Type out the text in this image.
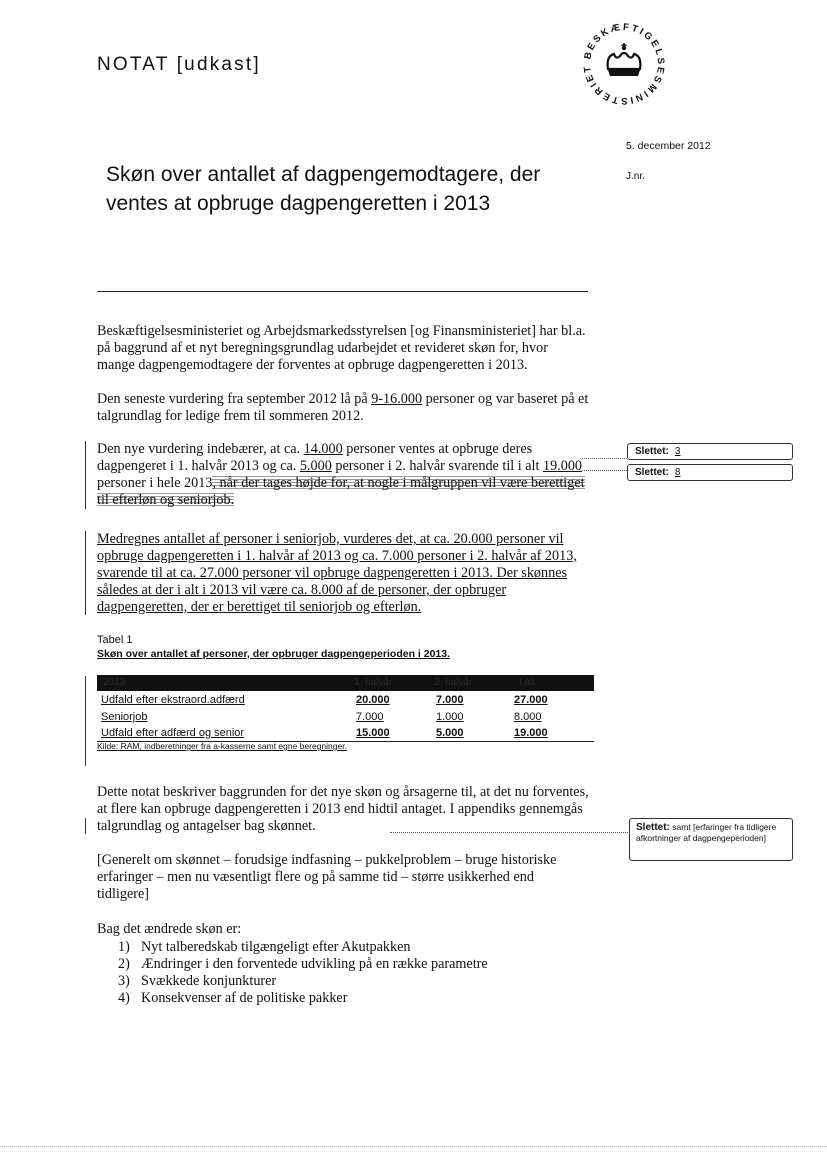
NOTAT [udkast]	BESKÆFTIGELSESMINISTERIET
5. december 2012
J.nr.
Skøn over antallet af dagpengemodtagere, der ventes at opbruge dagpengeretten i 2013
Beskæftigelsesministeriet og Arbejdsmarkedsstyrelsen [og Finansministeriet] har bl.a. på baggrund af et nyt beregningsgrundlag udarbejdet et revideret skøn for, hvor mange dagpengemodtagere der forventes at opbruge dagpengeretten i 2013.
Den seneste vurdering fra september 2012 lå på 9-16.000 personer og var baseret på et talgrundlag for ledige frem til sommeren 2012.
Den nye vurdering indebærer, at ca. 14.000 personer ventes at opbruge deres dagpengeret i 1. halvår 2013 og ca. 5.000 personer i 2. halvår svarende til i alt 19.000 personer i hele 2013, når der tages højde for, at nogle i målgruppen vil være berettiget til efterløn og seniorjob.
Medregnes antallet af personer i seniorjob, vurderes det, at ca. 20.000 personer vil opbruge dagpengeretten i 1. halvår af 2013 og ca. 7.000 personer i 2. halvår af 2013, svarende til at ca. 27.000 personer vil opbruge dagpengeretten i 2013. Der skønnes således at der i alt i 2013 vil være ca. 8.000 af de personer, der opbruger dagpengeretten, der er berettiget til seniorjob og efterløn.
Slettet: 3
Slettet: 8
Tabel 1
Skøn over antallet af personer, der opbruger dagpengeperioden i 2013.
2013	1. halvår	2. halvår	I alt
Udfald efter ekstraord.adfærd	20.000	7.000	27.000
Seniorjob	7.000	1.000	8.000
Udfald efter adfærd og senior	15.000	5.000	19.000
Kilde: RAM, indberetninger fra a-kasserne samt egne beregninger.
Dette notat beskriver baggrunden for det nye skøn og årsagerne til, at det nu forventes, at flere kan opbruge dagpengeretten i 2013 end hidtil antaget. I appendiks gennemgås talgrundlag og antagelser bag skønnet.	Slettet: samt [erfaringer fra tidligere afkortninger af dagpengeperioden]
[Generelt om skønnet – forudsige indfasning – pukkelproblem – bruge historiske erfaringer – men nu væsentligt flere og på samme tid – større usikkerhed end tidligere]
Bag det ændrede skøn er:
1) Nyt talberedskab tilgængeligt efter Akutpakken
2) Ændringer i den forventede udvikling på en række parametre
3) Svækkede konjunkturer
4) Konsekvenser af de politiske pakker
